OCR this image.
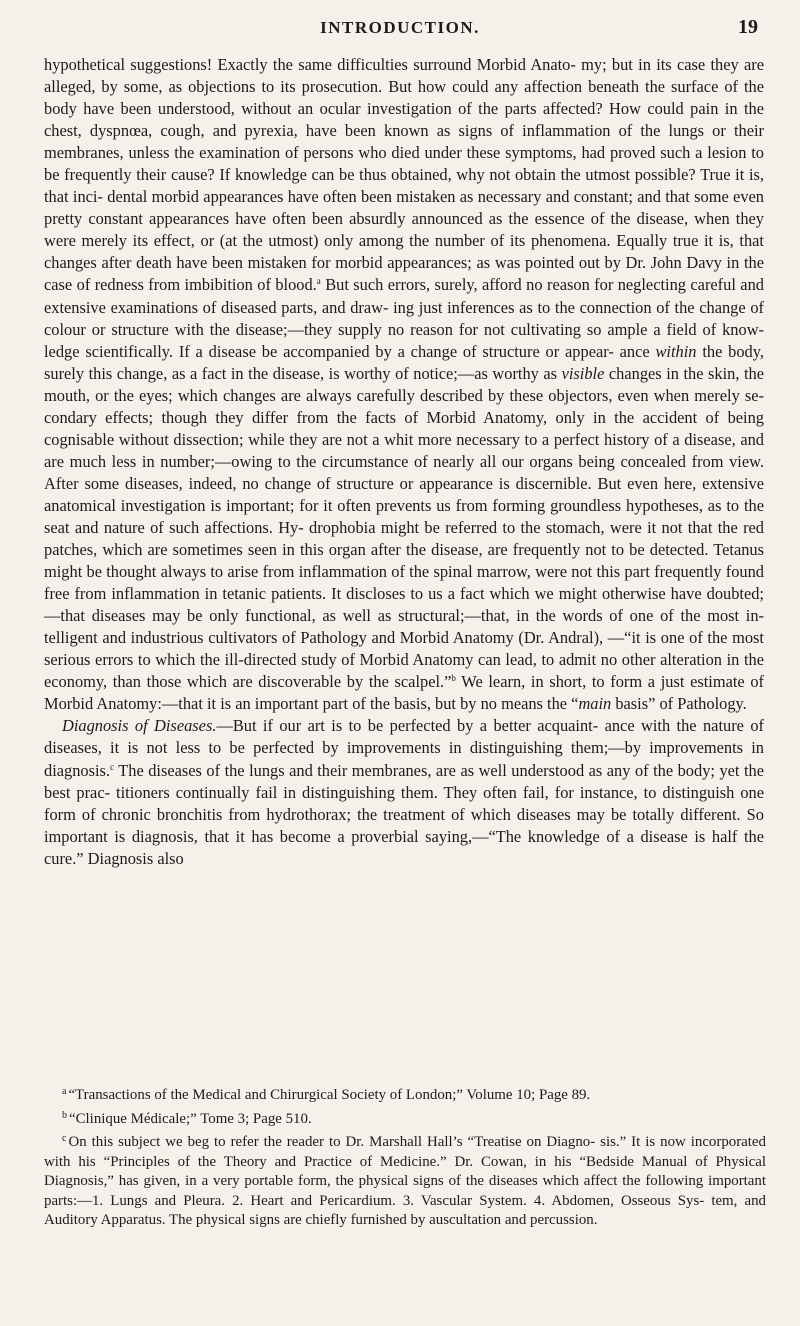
INTRODUCTION.	19

hypothetical suggestions! Exactly the same difficulties surround Morbid Anato- my; but in its case they are alleged, by some, as objections to its prosecution. But how could any affection beneath the surface of the body have been understood, without an ocular investigation of the parts affected? How could pain in the chest, dyspnœa, cough, and pyrexia, have been known as signs of inflammation of the lungs or their membranes, unless the examination of persons who died under these symptoms, had proved such a lesion to be frequently their cause? If knowledge can be thus obtained, why not obtain the utmost possible? True it is, that inci- dental morbid appearances have often been mistaken as necessary and constant; and that some even pretty constant appearances have often been absurdly announced as the essence of the disease, when they were merely its effect, or (at the utmost) only among the number of its phenomena. Equally true it is, that changes after death have been mistaken for morbid appearances; as was pointed out by Dr. John Davy in the case of redness from imbibition of blood.$^a$ But such errors, surely, afford no reason for neglecting careful and extensive examinations of diseased parts, and draw- ing just inferences as to the connection of the change of colour or structure with the disease;—they supply no reason for not cultivating so ample a field of know- ledge scientifically. If a disease be accompanied by a change of structure or appear- ance within the body, surely this change, as a fact in the disease, is worthy of notice;—as worthy as visible changes in the skin, the mouth, or the eyes; which changes are always carefully described by these objectors, even when merely se- condary effects; though they differ from the facts of Morbid Anatomy, only in the accident of being cognisable without dissection; while they are not a whit more necessary to a perfect history of a disease, and are much less in number;—owing to the circumstance of nearly all our organs being concealed from view. After some diseases, indeed, no change of structure or appearance is discernible. But even here, extensive anatomical investigation is important; for it often prevents us from forming groundless hypotheses, as to the seat and nature of such affections. Hy- drophobia might be referred to the stomach, were it not that the red patches, which are sometimes seen in this organ after the disease, are frequently not to be detected. Tetanus might be thought always to arise from inflammation of the spinal marrow, were not this part frequently found free from inflammation in tetanic patients. It discloses to us a fact which we might otherwise have doubted;—that diseases may be only functional, as well as structural;—that, in the words of one of the most in- telligent and industrious cultivators of Pathology and Morbid Anatomy (Dr. Andral), —“it is one of the most serious errors to which the ill-directed study of Morbid Anatomy can lead, to admit no other alteration in the economy, than those which are discoverable by the scalpel.”$^b$ We learn, in short, to form a just estimate of Morbid Anatomy:—that it is an important part of the basis, but by no means the “main basis” of Pathology.

Diagnosis of Diseases.—But if our art is to be perfected by a better acquaint- ance with the nature of diseases, it is not less to be perfected by improvements in distinguishing them;—by improvements in diagnosis.$^c$ The diseases of the lungs and their membranes, are as well understood as any of the body; yet the best prac- titioners continually fail in distinguishing them. They often fail, for instance, to distinguish one form of chronic bronchitis from hydrothorax; the treatment of which diseases may be totally different. So important is diagnosis, that it has become a proverbial saying,—“The knowledge of a disease is half the cure.” Diagnosis also

$^a$ “Transactions of the Medical and Chirurgical Society of London;” Volume 10; Page 89.

$^b$ “Clinique Médicale;” Tome 3; Page 510.

$^c$ On this subject we beg to refer the reader to Dr. Marshall Hall’s “Treatise on Diagno- sis.” It is now incorporated with his “Principles of the Theory and Practice of Medicine.” Dr. Cowan, in his “Bedside Manual of Physical Diagnosis,” has given, in a very portable form, the physical signs of the diseases which affect the following important parts:—1. Lungs and Pleura. 2. Heart and Pericardium. 3. Vascular System. 4. Abdomen, Osseous Sys- tem, and Auditory Apparatus. The physical signs are chiefly furnished by auscultation and percussion.
